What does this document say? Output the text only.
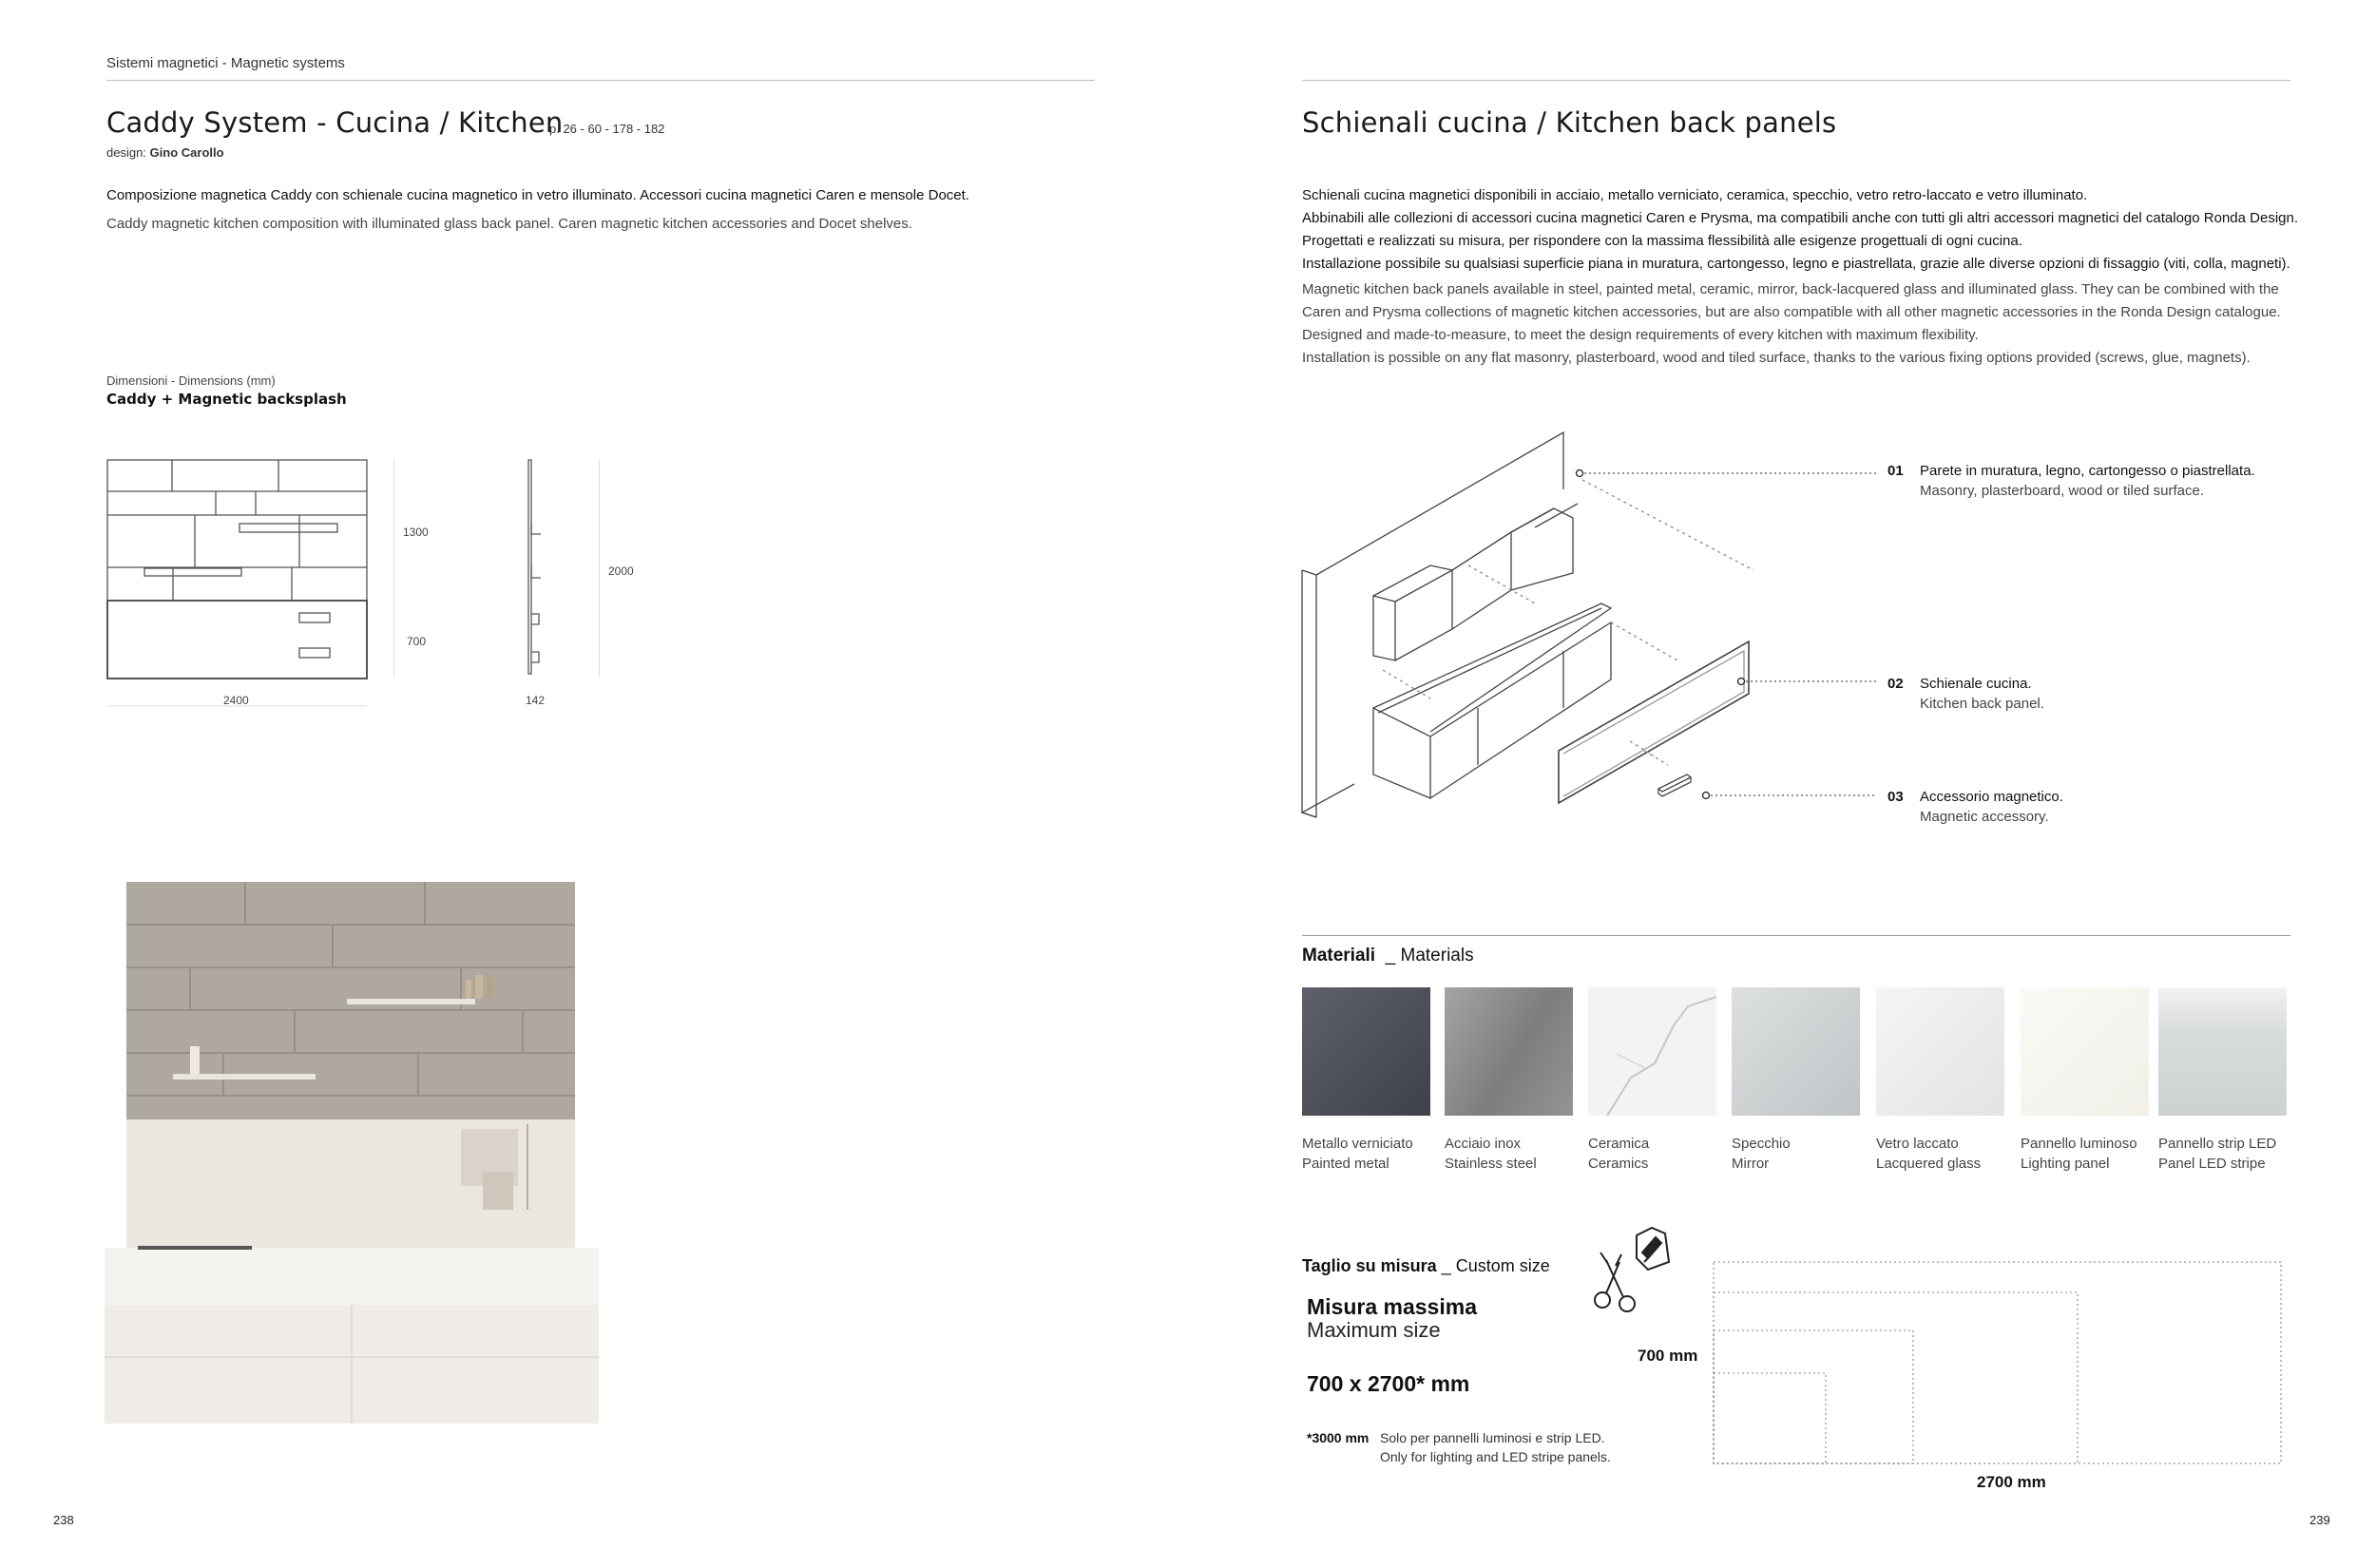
Sistemi magnetici - Magnetic systems
Caddy System - Cucina / Kitchen
p. 26 - 60 - 178 - 182
design: Gino Carollo
Composizione magnetica Caddy con schienale cucina magnetico in vetro illuminato. Accessori cucina magnetici Caren e mensole Docet.
Caddy magnetic kitchen composition with illuminated glass back panel. Caren magnetic kitchen accessories and Docet shelves.
Dimensioni - Dimensions (mm)
Caddy + Magnetic backsplash
2400
1300
700
2000
142
238
Schienali cucina / Kitchen back panels
Schienali cucina magnetici disponibili in acciaio, metallo verniciato, ceramica, specchio, vetro retro-laccato e vetro illuminato.
Abbinabili alle collezioni di accessori cucina magnetici Caren e Prysma, ma compatibili anche con tutti gli altri accessori magnetici del catalogo Ronda Design.
Progettati e realizzati su misura, per rispondere con la massima flessibilità alle esigenze progettuali di ogni cucina.
Installazione possibile su qualsiasi superficie piana in muratura, cartongesso, legno e piastrellata, grazie alle diverse opzioni di fissaggio (viti, colla, magneti).
Magnetic kitchen back panels available in steel, painted metal, ceramic, mirror, back-lacquered glass and illuminated glass. They can be combined with the
Caren and Prysma collections of magnetic kitchen accessories, but are also compatible with all other magnetic accessories in the Ronda Design catalogue.
Designed and made-to-measure, to meet the design requirements of every kitchen with maximum flexibility.
Installation is possible on any flat masonry, plasterboard, wood and tiled surface, thanks to the various fixing options provided (screws, glue, magnets).
01 Parete in muratura, legno, cartongesso o piastrellata.
Masonry, plasterboard, wood or tiled surface.
02 Schienale cucina.
Kitchen back panel.
03 Accessorio magnetico.
Magnetic accessory.
Materiali _ Materials
Metallo verniciato
Painted metal
Acciaio inox
Stainless steel
Ceramica
Ceramics
Specchio
Mirror
Vetro laccato
Lacquered glass
Pannello luminoso
Lighting panel
Pannello strip LED
Panel LED stripe
Taglio su misura _ Custom size
Misura massima
Maximum size
700 x 2700* mm
*3000 mm Solo per pannelli luminosi e strip LED.
Only for lighting and LED stripe panels.
700 mm
2700 mm
239
